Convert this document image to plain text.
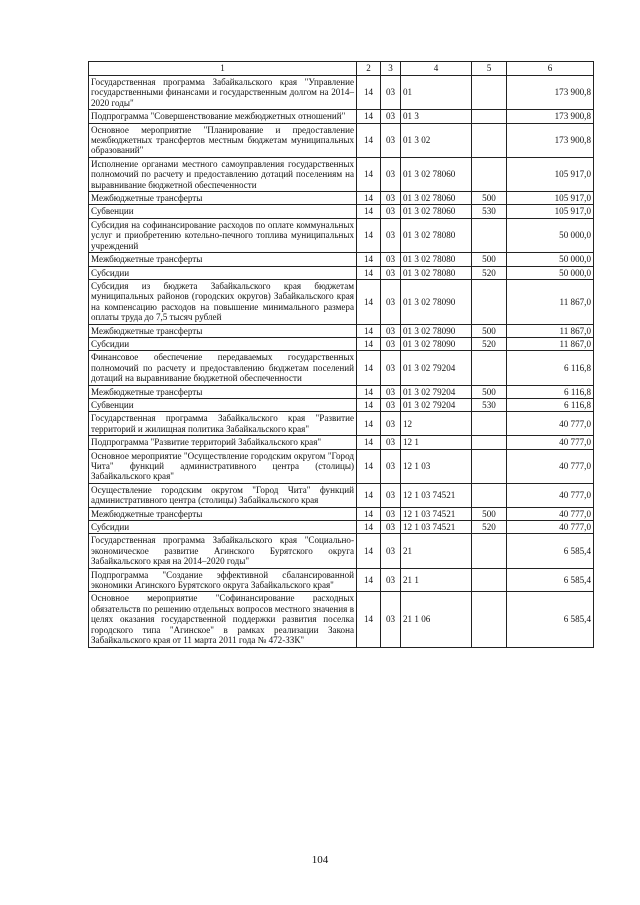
1	2	3	4	5	6
Государственная программа Забайкальского края "Управление государственными финансами и государственным долгом на 2014–2020 годы"	14	03	01		173 900,8
Подпрограмма "Совершенствование межбюджетных отношений"	14	03	01 3		173 900,8
Основное мероприятие "Планирование и предоставление межбюджетных трансфертов местным бюджетам муниципальных образований"	14	03	01 3 02		173 900,8
Исполнение органами местного самоуправления государственных полномочий по расчету и предоставлению дотаций поселениям на выравнивание бюджетной обеспеченности	14	03	01 3 02 78060		105 917,0
Межбюджетные трансферты	14	03	01 3 02 78060	500	105 917,0
Субвенции	14	03	01 3 02 78060	530	105 917,0
Субсидия на софинансирование расходов по оплате коммунальных услуг и приобретению котельно-печного топлива муниципальных учреждений	14	03	01 3 02 78080		50 000,0
Межбюджетные трансферты	14	03	01 3 02 78080	500	50 000,0
Субсидии	14	03	01 3 02 78080	520	50 000,0
Субсидия из бюджета Забайкальского края бюджетам муниципальных районов (городских округов) Забайкальского края на компенсацию расходов на повышение минимального размера оплаты труда до 7,5 тысяч рублей	14	03	01 3 02 78090		11 867,0
Межбюджетные трансферты	14	03	01 3 02 78090	500	11 867,0
Субсидии	14	03	01 3 02 78090	520	11 867,0
Финансовое обеспечение передаваемых государственных полномочий по расчету и предоставлению бюджетам поселений дотаций на выравнивание бюджетной обеспеченности	14	03	01 3 02 79204		6 116,8
Межбюджетные трансферты	14	03	01 3 02 79204	500	6 116,8
Субвенции	14	03	01 3 02 79204	530	6 116,8
Государственная программа Забайкальского края "Развитие территорий и жилищная политика Забайкальского края"	14	03	12		40 777,0
Подпрограмма "Развитие территорий Забайкальского края"	14	03	12 1		40 777,0
Основное мероприятие "Осуществление городским округом "Город Чита" функций административного центра (столицы) Забайкальского края"	14	03	12 1 03		40 777,0
Осуществление городским округом "Город Чита" функций административного центра (столицы) Забайкальского края	14	03	12 1 03 74521		40 777,0
Межбюджетные трансферты	14	03	12 1 03 74521	500	40 777,0
Субсидии	14	03	12 1 03 74521	520	40 777,0
Государственная программа Забайкальского края "Социально-экономическое развитие Агинского Бурятского округа Забайкальского края на 2014–2020 годы"	14	03	21		6 585,4
Подпрограмма "Создание эффективной сбалансированной экономики Агинского Бурятского округа Забайкальского края"	14	03	21 1		6 585,4
Основное мероприятие "Софинансирование расходных обязательств по решению отдельных вопросов местного значения в целях оказания государственной поддержки развития поселка городского типа "Агинское" в рамках реализации Закона Забайкальского края от 11 марта 2011 года № 472-ЗЗК"	14	03	21 1 06		6 585,4
104
